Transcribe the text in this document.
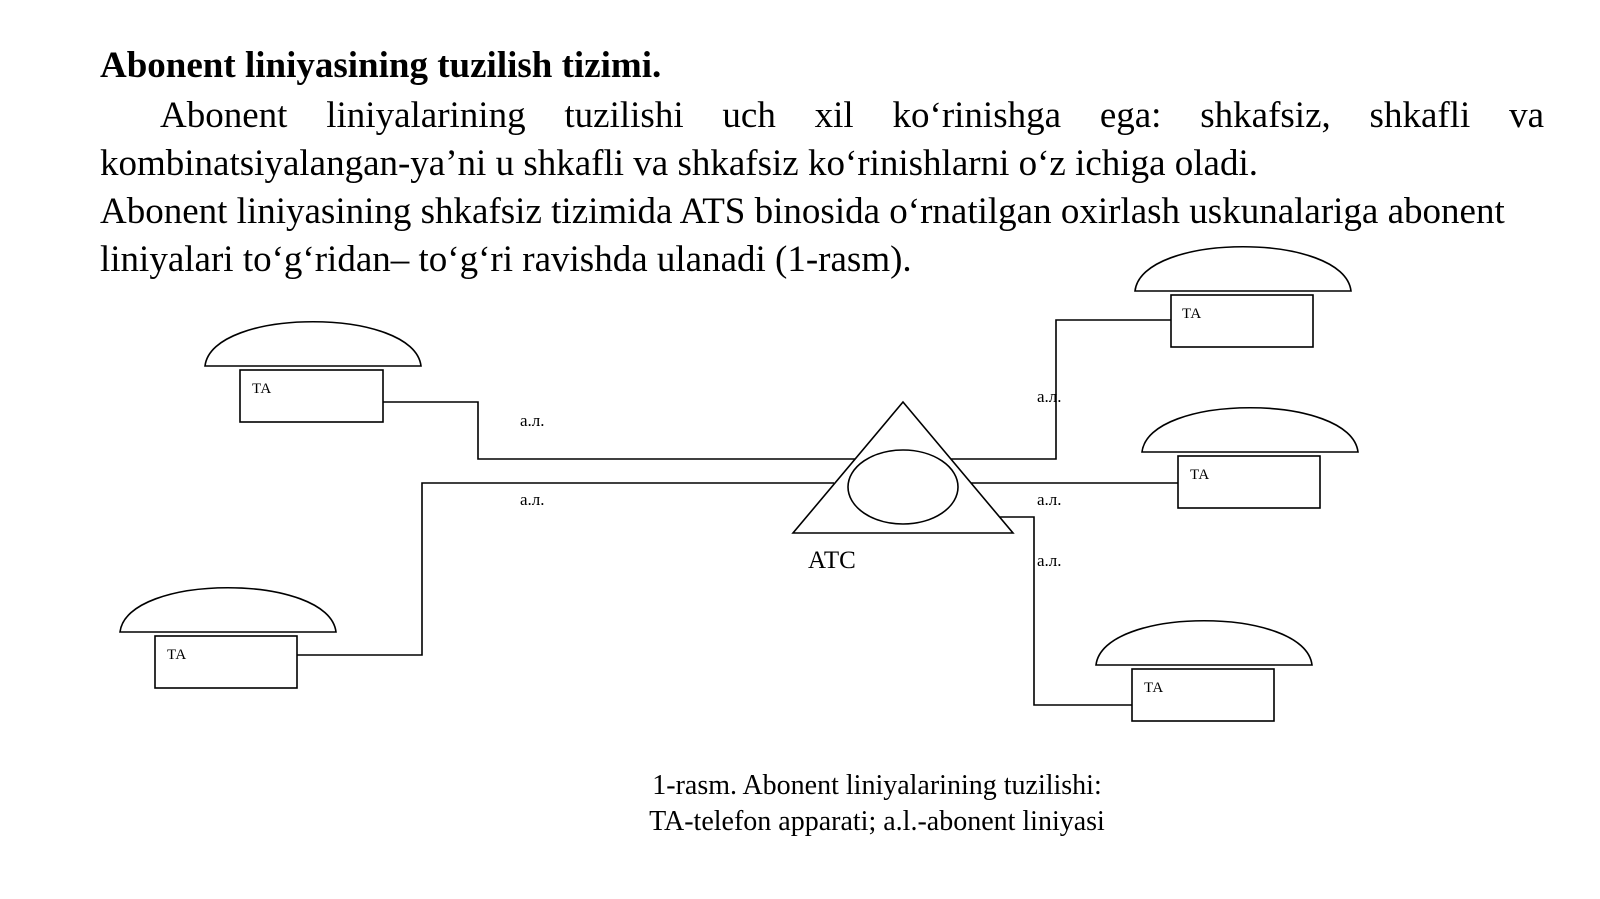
Abonent liniyasining tuzilish tizimi.

Abonent liniyalarining tuzilishi uch xil ko‘rinishga ega: shkafsiz, shkafli va kombinatsiyalangan-ya’ni u shkafli va shkafsiz ko‘rinishlarni o‘z ichiga oladi.

Abonent liniyasining shkafsiz tizimida ATS binosida o‘rnatilgan oxirlash uskunalariga abonent liniyalari to‘g‘ridan– to‘g‘ri ravishda ulanadi (1-rasm).

ТА
ТА
ТА
ТА
ТА
а.л.
а.л.
а.л.
а.л.
а.л.
АТС

1-rasm. Abonent liniyalarining tuzilishi:
TA-telefon apparati; a.l.-abonent liniyasi
